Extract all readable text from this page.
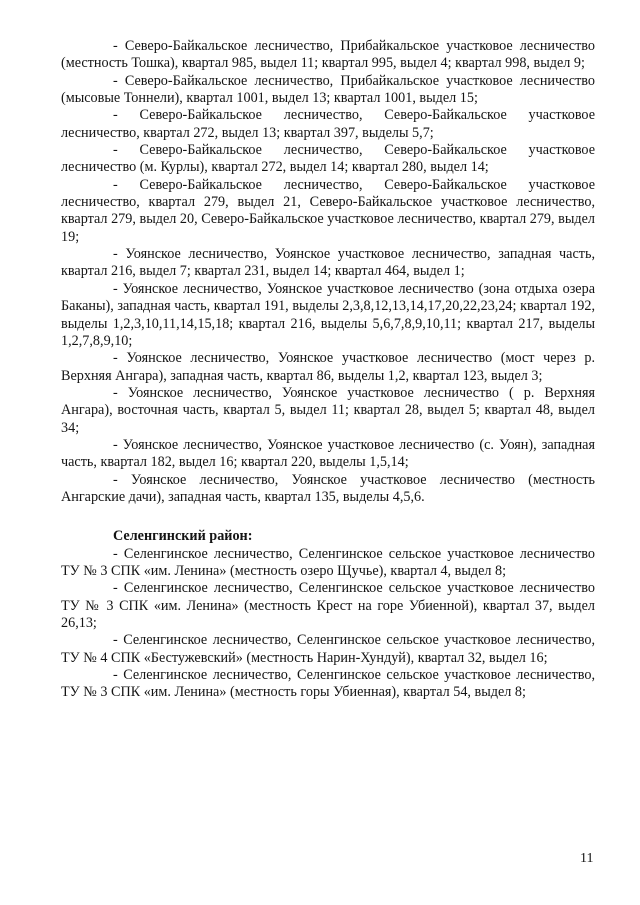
- Северо-Байкальское лесничество, Прибайкальское участковое лесничество (местность Тошка), квартал 985, выдел 11; квартал 995, выдел 4; квартал 998, выдел 9;

- Северо-Байкальское лесничество, Прибайкальское участковое лесничество (мысовые Тоннели), квартал 1001, выдел 13; квартал 1001, выдел 15;

- Северо-Байкальское лесничество, Северо-Байкальское участковое лесничество, квартал 272, выдел 13; квартал 397, выделы 5,7;

- Северо-Байкальское лесничество, Северо-Байкальское участковое лесничество (м. Курлы), квартал 272, выдел 14; квартал 280, выдел 14;

- Северо-Байкальское лесничество, Северо-Байкальское участковое лесничество, квартал 279, выдел 21, Северо-Байкальское участковое лесничество, квартал 279, выдел 20, Северо-Байкальское участковое лесничество, квартал 279, выдел 19;

- Уоянское лесничество, Уоянское участковое лесничество, западная часть, квартал 216, выдел 7; квартал 231, выдел 14; квартал 464, выдел 1;

- Уоянское лесничество, Уоянское участковое лесничество (зона отдыха озера Баканы), западная часть, квартал 191, выделы 2,3,8,12,13,14,17,20,22,23,24; квартал 192, выделы 1,2,3,10,11,14,15,18; квартал 216, выделы 5,6,7,8,9,10,11; квартал 217, выделы 1,2,7,8,9,10;

- Уоянское лесничество, Уоянское участковое лесничество (мост через р. Верхняя Ангара), западная часть, квартал 86, выделы 1,2, квартал 123, выдел 3;

- Уоянское лесничество, Уоянское участковое лесничество ( р. Верхняя Ангара), восточная часть, квартал 5, выдел 11; квартал 28, выдел 5; квартал 48, выдел 34;

- Уоянское лесничество, Уоянское участковое лесничество (с. Уоян), западная часть, квартал 182, выдел 16; квартал 220, выделы 1,5,14;

- Уоянское лесничество, Уоянское участковое лесничество (местность Ангарские дачи), западная часть, квартал 135, выделы 4,5,6.

Селенгинский район:

- Селенгинское лесничество, Селенгинское сельское участковое лесничество ТУ № 3 СПК «им. Ленина» (местность озеро Щучье), квартал 4, выдел 8;

- Селенгинское лесничество, Селенгинское сельское участковое лесничество ТУ № 3 СПК «им. Ленина» (местность Крест на горе Убиенной), квартал 37, выдел 26,13;

- Селенгинское лесничество, Селенгинское сельское участковое лесничество, ТУ № 4 СПК «Бестужевский» (местность Нарин-Хундуй), квартал 32, выдел 16;

- Селенгинское лесничество, Селенгинское сельское участковое лесничество, ТУ № 3 СПК «им. Ленина» (местность горы Убиенная), квартал 54, выдел 8;

11
